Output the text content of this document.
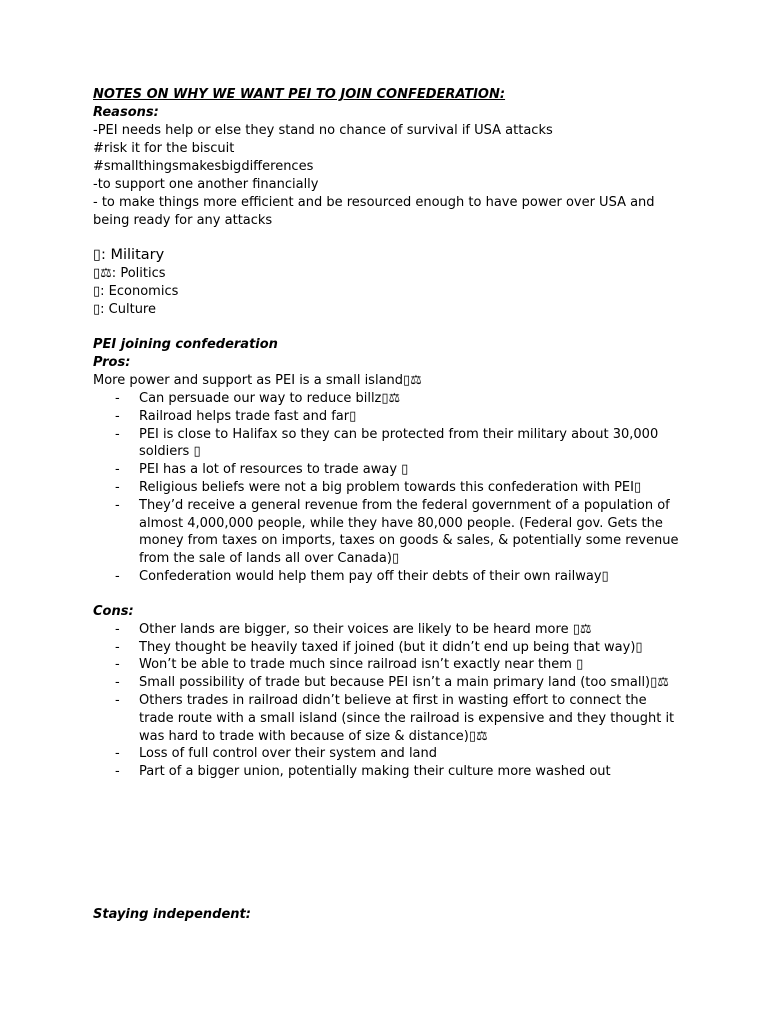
NOTES ON WHY WE WANT PEI TO JOIN CONFEDERATION:
Reasons:
-PEI needs help or else they stand no chance of survival if USA attacks
#risk it for the biscuit
#smallthingsmakesbigdifferences
-to support one another financially
- to make things more efficient and be resourced enough to have power over USA and being ready for any attacks
▯: Military
▯⚖: Politics
▯: Economics
▯: Culture
PEI joining confederation
Pros:
More power and support as PEI is a small island▯⚖
- Can persuade our way to reduce billz▯⚖
- Railroad helps trade fast and far▯
- PEI is close to Halifax so they can be protected from their military about 30,000 soldiers ▯
- PEI has a lot of resources to trade away ▯
- Religious beliefs were not a big problem towards this confederation with PEI▯
- They’d receive a general revenue from the federal government of a population of almost 4,000,000 people, while they have 80,000 people. (Federal gov. Gets the money from taxes on imports, taxes on goods & sales, & potentially some revenue from the sale of lands all over Canada)▯
- Confederation would help them pay off their debts of their own railway▯
Cons:
- Other lands are bigger, so their voices are likely to be heard more ▯⚖
- They thought be heavily taxed if joined (but it didn’t end up being that way)▯
- Won’t be able to trade much since railroad isn’t exactly near them ▯
- Small possibility of trade but because PEI isn’t a main primary land (too small)▯⚖
- Others trades in railroad didn’t believe at first in wasting effort to connect the trade route with a small island (since the railroad is expensive and they thought it was hard to trade with because of size & distance)▯⚖
- Loss of full control over their system and land
- Part of a bigger union, potentially making their culture more washed out
Staying independent:
